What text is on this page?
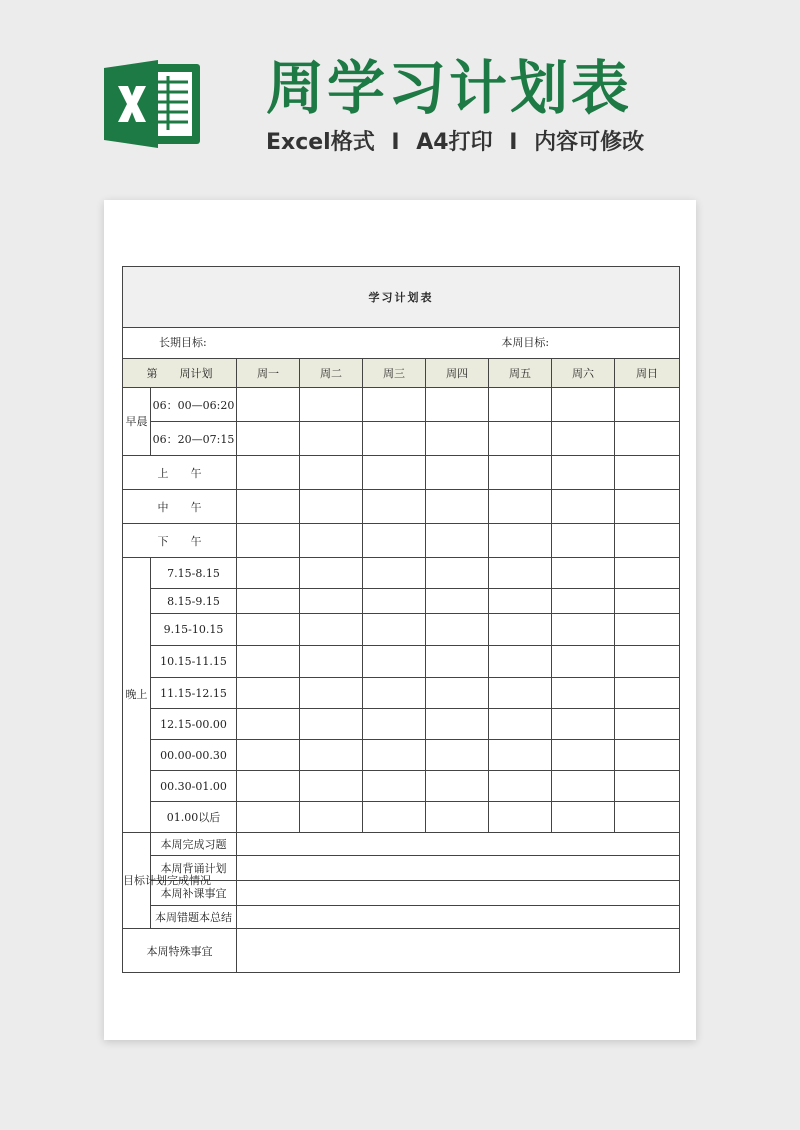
周学习计划表
Excel格式 I A4打印 I 内容可修改
学习计划表								

长期目标: 本周目标:								

第　　周计划		周一	周二	周三	周四	周五	周六	周日
早晨	06：00—06:20							
	06：20—07:15							
上　　午								
中　　午								
下　　午								
晚上	7.15-8.15							
	8.15-9.15							
	9.15-10.15							
	10.15-11.15							
	11.15-12.15							
	12.15-00.00							
	00.00-00.30							
	00.30-01.00							
	01.00以后							
目标计划完成情况	本周完成习题							
	本周背诵计划							
	本周补课事宜							
	本周错题本总结							
本周特殊事宜								
